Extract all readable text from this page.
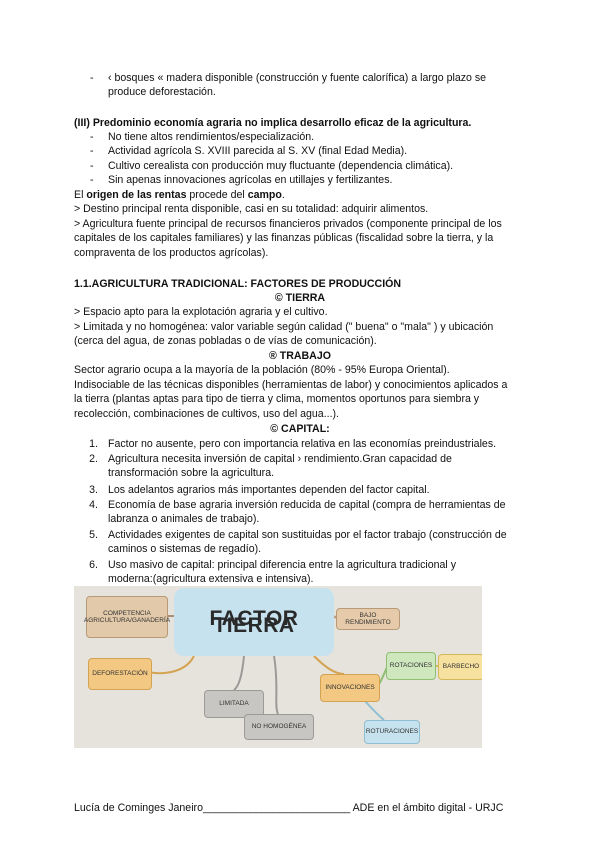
- ‹ bosques « madera disponible (construcción y fuente calorífica) a largo plazo se
produce deforestación.
(III) Predominio economía agraria no implica desarrollo eficaz de la agricultura.
- No tiene altos rendimientos/especialización.
- Actividad agrícola S. XVIII parecida al S. XV (final Edad Media).
- Cultivo cerealista con producción muy fluctuante (dependencia climática).
- Sin apenas innovaciones agrícolas en utillajes y fertilizantes.
El origen de las rentas procede del campo.
> Destino principal renta disponible, casi en su totalidad: adquirir alimentos.
> Agricultura fuente principal de recursos financieros privados (componente principal de los
capitales de los capitales familiares) y las finanzas públicas (fiscalidad sobre la tierra, y la
compraventa de los productos agrícolas).
1.1.AGRICULTURA TRADICIONAL: FACTORES DE PRODUCCIÓN
© TIERRA
> Espacio apto para la explotación agraria y el cultivo.
> Limitada y no homogénea: valor variable según calidad (" buena" o "mala" ) y ubicación
(cerca del agua, de zonas pobladas o de vías de comunicación).
® TRABAJO
Sector agrario ocupa a la mayoría de la población (80% - 95% Europa Oriental).
Indisociable de las técnicas disponibles (herramientas de labor) y conocimientos aplicados a
la tierra (plantas aptas para tipo de tierra y clima, momentos oportunos para siembra y
recolección, combinaciones de cultivos, uso del agua...).
© CAPITAL:
1. Factor no ausente, pero con importancia relativa en las economías preindustriales.
2. Agricultura necesita inversión de capital › rendimiento.Gran capacidad de
transformación sobre la agricultura.
3. Los adelantos agrarios más importantes dependen del factor capital.
4. Economía de base agraria inversión reducida de capital (compra de herramientas de
labranza o animales de trabajo).
5. Actividades exigentes de capital son sustituidas por el factor trabajo (construcción de
caminos o sistemas de regadío).
6. Uso masivo de capital: principal diferencia entre la agricultura tradicional y
moderna:(agricultura extensiva e intensiva).
FACTOR TIERRA
COMPETENCIA AGRICULTURA/GANADERÍA
DEFORESTACIÓN
LIMITADA
NO HOMOGÉNEA
BAJO RENDIMIENTO
INNOVACIONES
ROTACIONES	BARBECHO
ROTURACIONES
Lucía de Cominges Janeiro_________________________ ADE en el ámbito digital - URJC
